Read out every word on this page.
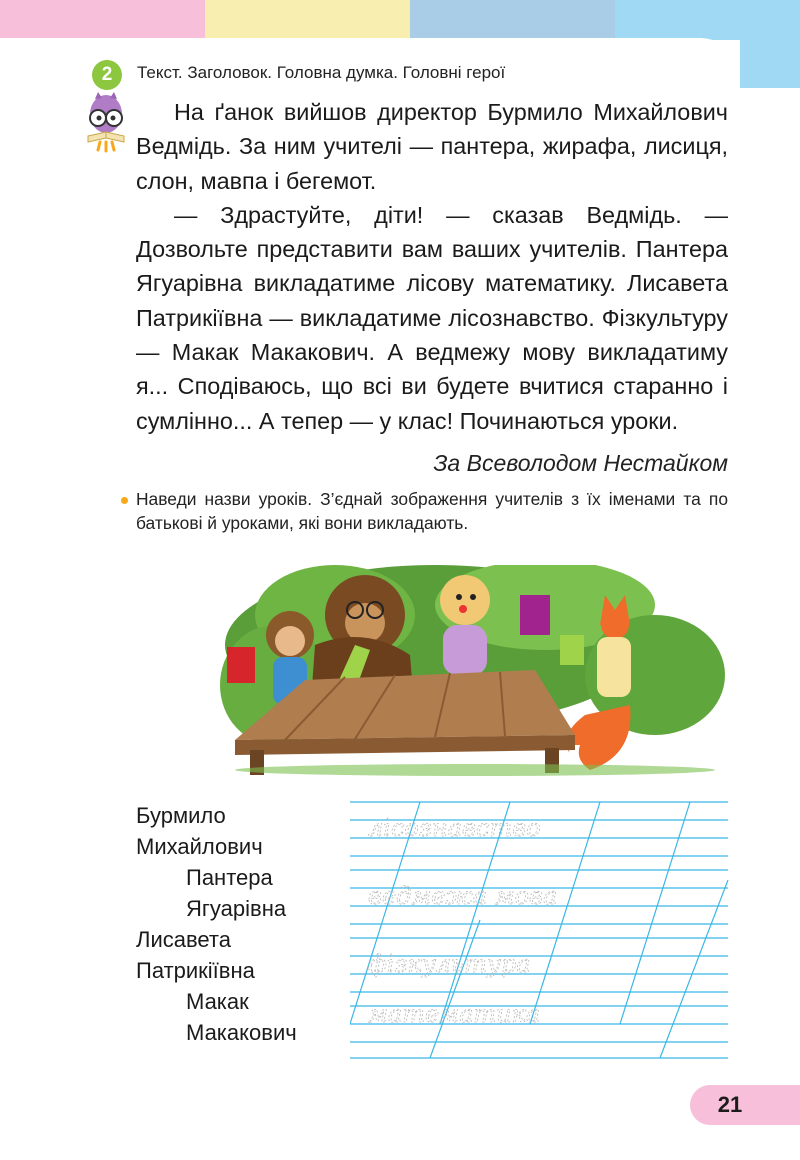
2	Текст. Заголовок. Головна думка. Головні герої

На ґанок вийшов директор Бурмило Михайлович Ведмідь. За ним учителі — пантера, жирафа, лисиця, слон, мавпа і бегемот.

— Здрастуйте, діти! — сказав Ведмідь. — Дозвольте представити вам ваших учителів. Пантера Ягуарівна викладатиме лісову математику. Лисавета Патрикіївна — викладатиме лісознавство. Фізкультуру — Макак Макакович. А ведмежу мову викладатиму я... Сподіваюсь, що всі ви будете вчитися старанно і сумлінно... А тепер — у клас! Починаються уроки.

За Всеволодом Нестайком
Наведи назви уроків. З’єднай зображення учителів з їх іменами та по батькові й уроками, які вони викладають.
Бурмило
Михайлович
Пантера
Ягуарівна
Лисавета
Патрикіївна
Макак
Макакович
лісознавство
ведмежа мова
фізкультура
математика
21
